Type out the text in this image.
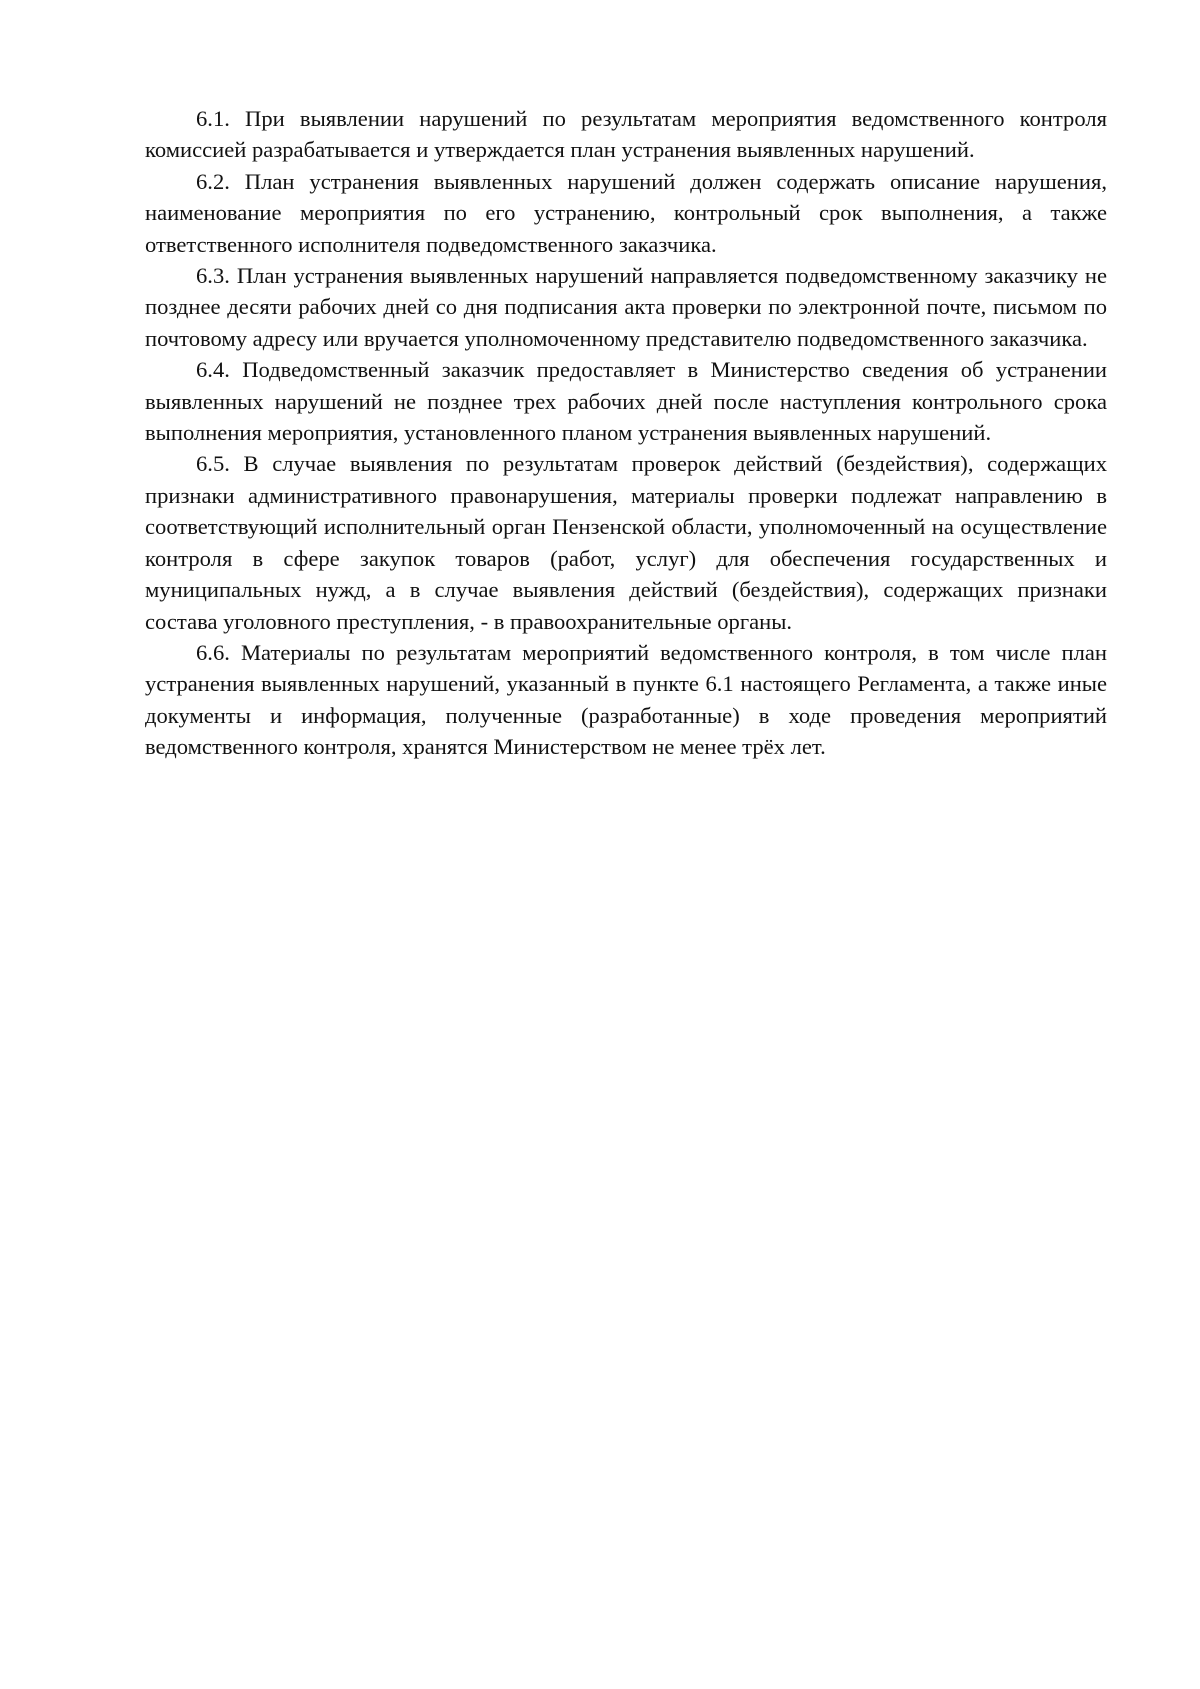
6.1. При выявлении нарушений по результатам мероприятия ведомственного контроля комиссией разрабатывается и утверждается план устранения выявленных нарушений.

6.2. План устранения выявленных нарушений должен содержать описание нарушения, наименование мероприятия по его устранению, контрольный срок выполнения, а также ответственного исполнителя подведомственного заказчика.

6.3. План устранения выявленных нарушений направляется подведомственному заказчику не позднее десяти рабочих дней со дня подписания акта проверки по электронной почте, письмом по почтовому адресу или вручается уполномоченному представителю подведомственного заказчика.

6.4. Подведомственный заказчик предоставляет в Министерство сведения об устранении выявленных нарушений не позднее трех рабочих дней после наступления контрольного срока выполнения мероприятия, установленного планом устранения выявленных нарушений.

6.5. В случае выявления по результатам проверок действий (бездействия), содержащих признаки административного правонарушения, материалы проверки подлежат направлению в соответствующий исполнительный орган Пензенской области, уполномоченный на осуществление контроля в сфере закупок товаров (работ, услуг) для обеспечения государственных и муниципальных нужд, а в случае выявления действий (бездействия), содержащих признаки состава уголовного преступления, - в правоохранительные органы.

6.6. Материалы по результатам мероприятий ведомственного контроля, в том числе план устранения выявленных нарушений, указанный в пункте 6.1 настоящего Регламента, а также иные документы и информация, полученные (разработанные) в ходе проведения мероприятий ведомственного контроля, хранятся Министерством не менее трёх лет.
